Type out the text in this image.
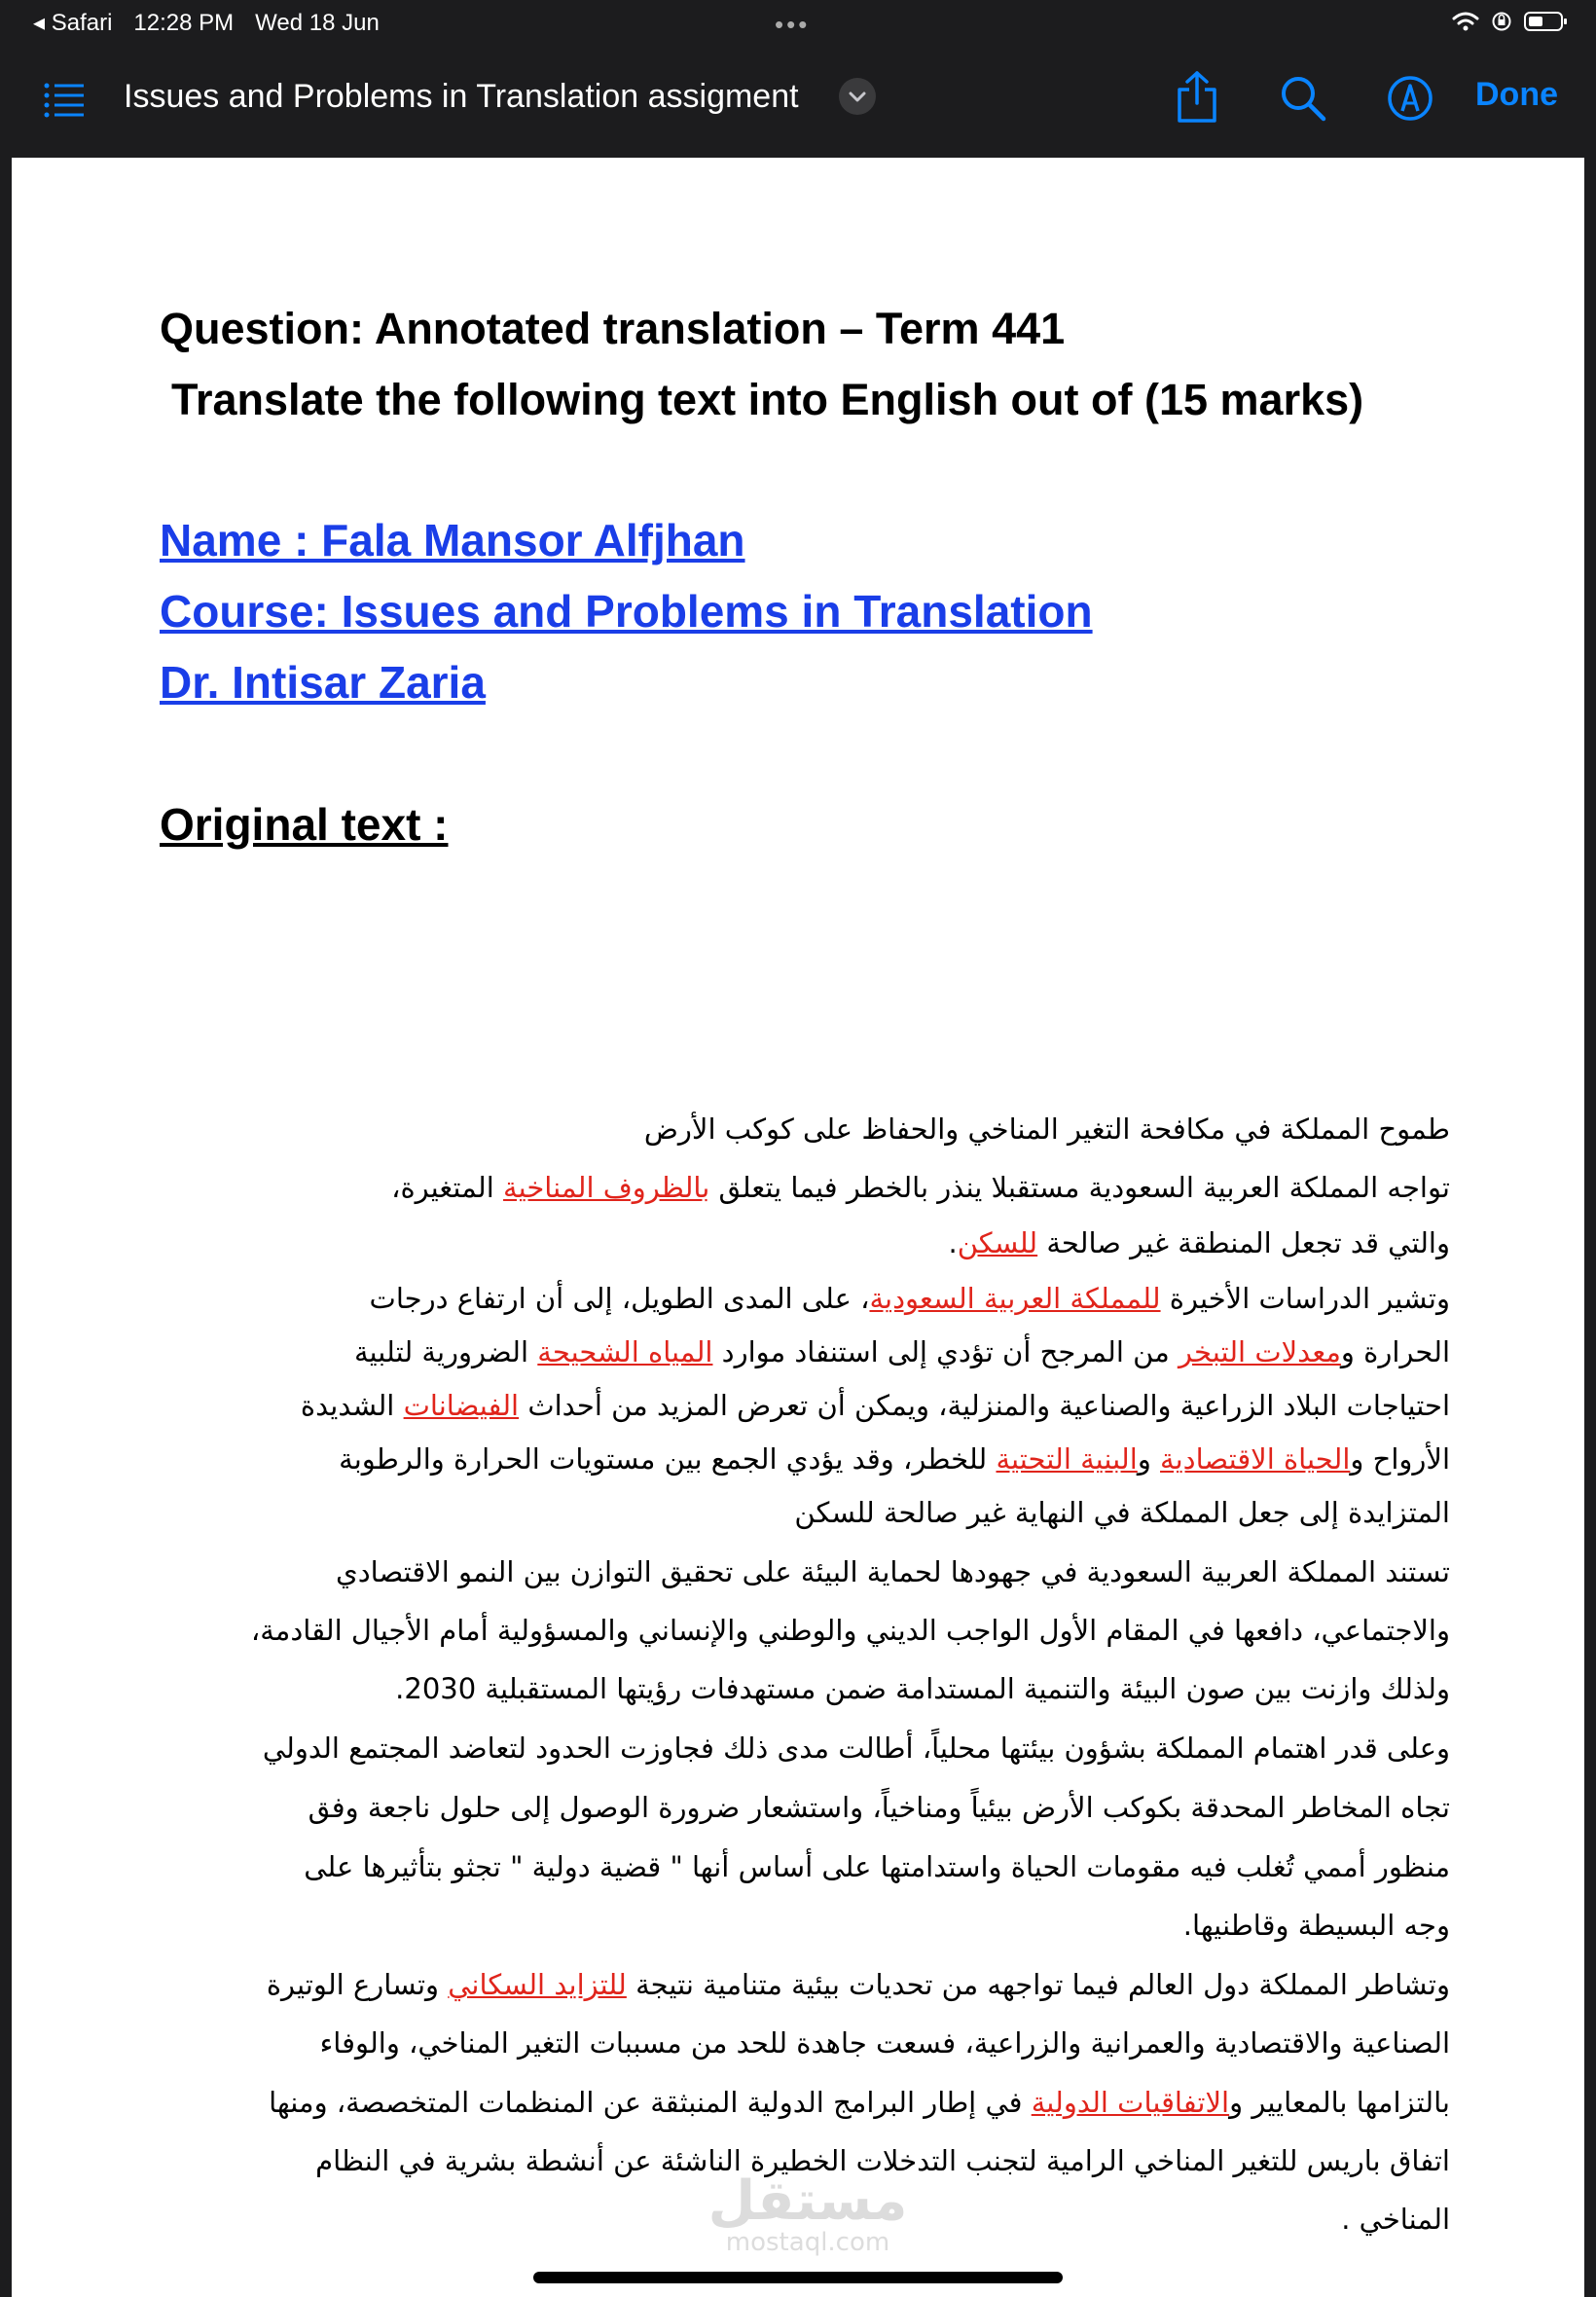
◂ Safari 12:28 PM Wed 18 Jun	•••
Issues and Problems in Translation assigment	Done
Question: Annotated translation – Term 441
Translate the following text into English out of (15 marks)
Name : Fala Mansor Alfjhan
Course: Issues and Problems in Translation
Dr. Intisar Zaria
Original text :
طموح المملكة في مكافحة التغير المناخي والحفاظ على كوكب الأرض
تواجه المملكة العربية السعودية مستقبلا ينذر بالخطر فيما يتعلق بالظروف المناخية المتغيرة،
والتي قد تجعل المنطقة غير صالحة للسكن.
وتشير الدراسات الأخيرة للمملكة العربية السعودية، على المدى الطويل، إلى أن ارتفاع درجات
الحرارة ومعدلات التبخر من المرجح أن تؤدي إلى استنفاد موارد المياه الشحيحة الضرورية لتلبية
احتياجات البلاد الزراعية والصناعية والمنزلية، ويمكن أن تعرض المزيد من أحداث الفيضانات الشديدة
الأرواح والحياة الاقتصادية والبنية التحتية للخطر، وقد يؤدي الجمع بين مستويات الحرارة والرطوبة
المتزايدة إلى جعل المملكة في النهاية غير صالحة للسكن
تستند المملكة العربية السعودية في جهودها لحماية البيئة على تحقيق التوازن بين النمو الاقتصادي
والاجتماعي، دافعها في المقام الأول الواجب الديني والوطني والإنساني والمسؤولية أمام الأجيال القادمة،
ولذلك وازنت بين صون البيئة والتنمية المستدامة ضمن مستهدفات رؤيتها المستقبلية 2030.
وعلى قدر اهتمام المملكة بشؤون بيئتها محلياً، أطالت مدى ذلك فجاوزت الحدود لتعاضد المجتمع الدولي
تجاه المخاطر المحدقة بكوكب الأرض بيئياً ومناخياً، واستشعار ضرورة الوصول إلى حلول ناجعة وفق
منظور أممي تُغلب فيه مقومات الحياة واستدامتها على أساس أنها " قضية دولية " تجثو بتأثيرها على
وجه البسيطة وقاطنيها.
وتشاطر المملكة دول العالم فيما تواجهه من تحديات بيئية متنامية نتيجة للتزايد السكاني وتسارع الوتيرة
الصناعية والاقتصادية والعمرانية والزراعية، فسعت جاهدة للحد من مسببات التغير المناخي، والوفاء
بالتزامها بالمعايير والاتفاقيات الدولية في إطار البرامج الدولية المنبثقة عن المنظمات المتخصصة، ومنها
اتفاق باريس للتغير المناخي الرامية لتجنب التدخلات الخطيرة الناشئة عن أنشطة بشرية في النظام
المناخي .
مستقل
mostaql.com
